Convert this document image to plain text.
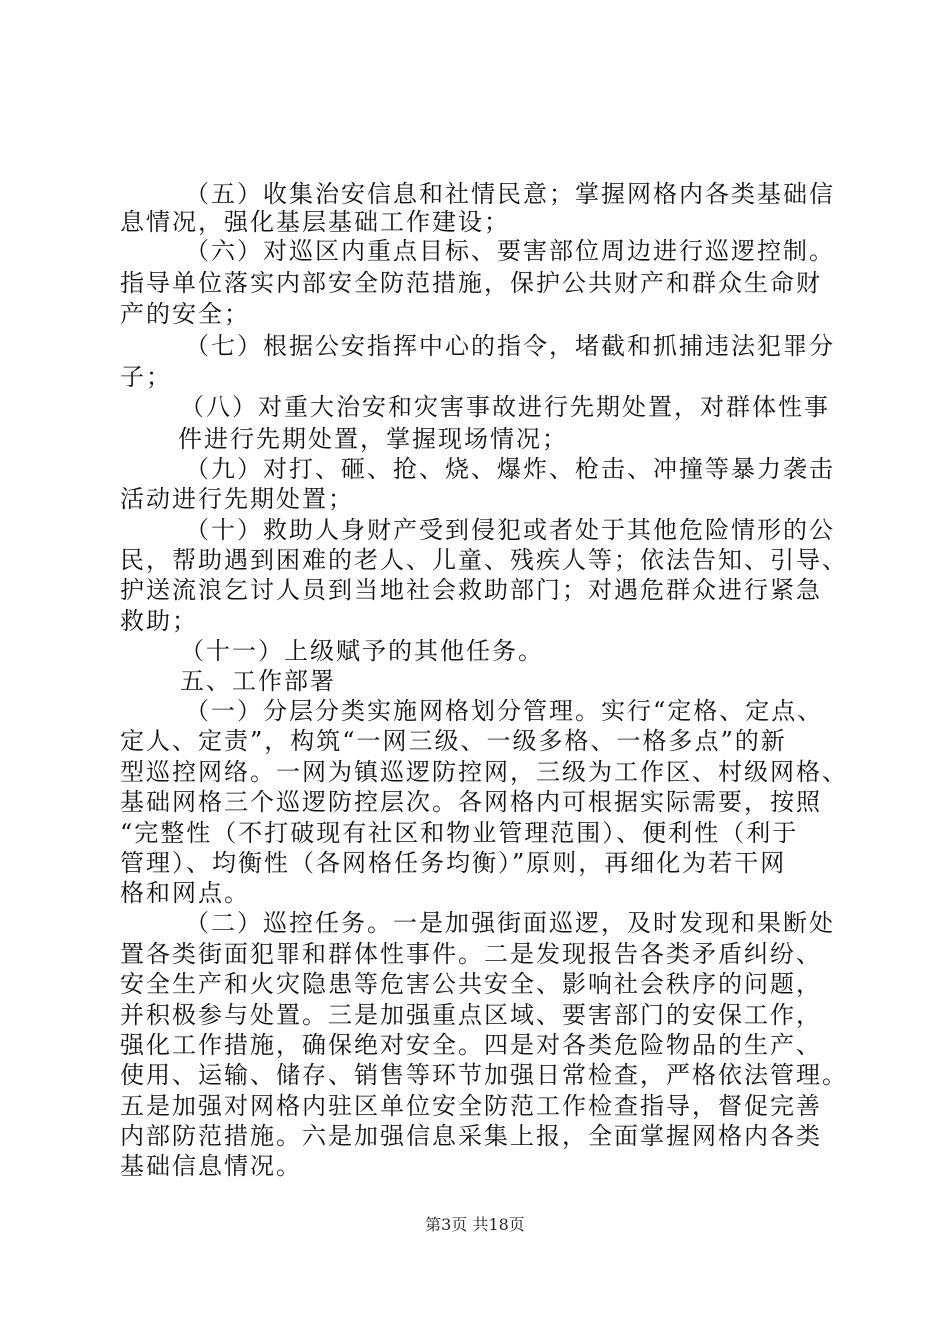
（五）收集治安信息和社情民意；掌握网格内各类基础信
息情况，强化基层基础工作建设；
（六）对巡区内重点目标、要害部位周边进行巡逻控制。
指导单位落实内部安全防范措施，保护公共财产和群众生命财
产的安全；
（七）根据公安指挥中心的指令，堵截和抓捕违法犯罪分
子；
（八）对重大治安和灾害事故进行先期处置，对群体性事
件进行先期处置，掌握现场情况；
（九）对打、砸、抢、烧、爆炸、枪击、冲撞等暴力袭击
活动进行先期处置；
（十）救助人身财产受到侵犯或者处于其他危险情形的公
民，帮助遇到困难的老人、儿童、残疾人等；依法告知、引导、
护送流浪乞讨人员到当地社会救助部门；对遇危群众进行紧急
救助；
（十一）上级赋予的其他任务。
五、工作部署
（一）分层分类实施网格划分管理。实行“定格、定点、
定人、定责”，构筑“一网三级、一级多格、一格多点”的新
型巡控网络。一网为镇巡逻防控网，三级为工作区、村级网格、
基础网格三个巡逻防控层次。各网格内可根据实际需要，按照
“完整性（不打破现有社区和物业管理范围）、便利性（利于
管理）、均衡性（各网格任务均衡）”原则，再细化为若干网
格和网点。
（二）巡控任务。一是加强街面巡逻，及时发现和果断处
置各类街面犯罪和群体性事件。二是发现报告各类矛盾纠纷、
安全生产和火灾隐患等危害公共安全、影响社会秩序的问题，
并积极参与处置。三是加强重点区域、要害部门的安保工作，
强化工作措施，确保绝对安全。四是对各类危险物品的生产、
使用、运输、储存、销售等环节加强日常检查，严格依法管理。
五是加强对网格内驻区单位安全防范工作检查指导，督促完善
内部防范措施。六是加强信息采集上报，全面掌握网格内各类
基础信息情况。
第3页 共18页
